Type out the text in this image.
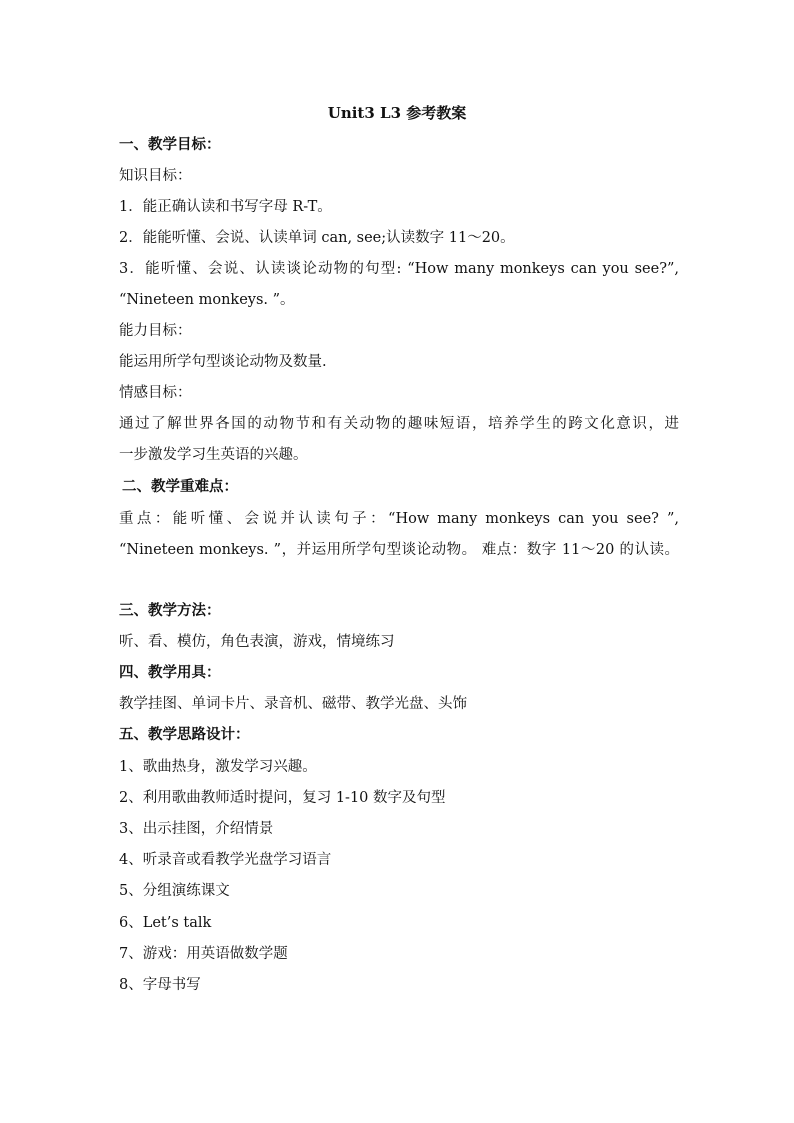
Unit3 L3 参考教案
一、教学目标：
知识目标：
1．能正确认读和书写字母 R-T。
2．能能听懂、会说、认读单词 can, see;认读数字 11～20。
3．能听懂、会说、认读谈论动物的句型: “How many monkeys can you see?”,
“Nineteen monkeys. ”。
能力目标：
能运用所学句型谈论动物及数量.
情感目标：
通过了解世界各国的动物节和有关动物的趣味短语，培养学生的跨文化意识，进
一步激发学习生英语的兴趣。
二、教学重难点：
重点：能听懂、会说并认读句子：“How many monkeys can you see? ”,
“Nineteen monkeys. ”，并运用所学句型谈论动物。 难点：数字 11～20 的认读。
三、教学方法：
听、看、模仿，角色表演，游戏，情境练习
四、教学用具：
教学挂图、单词卡片、录音机、磁带、教学光盘、头饰
五、教学思路设计：
1、歌曲热身，激发学习兴趣。
2、利用歌曲教师适时提问，复习 1-10 数字及句型
3、出示挂图，介绍情景
4、听录音或看教学光盘学习语言
5、分组演练课文
6、Let’s talk
7、游戏：用英语做数学题
8、字母书写
